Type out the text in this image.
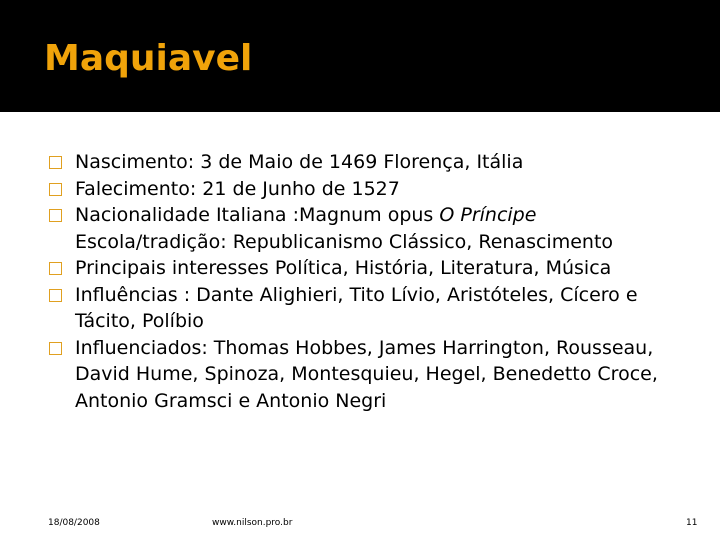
Maquiavel
Nascimento: 3 de Maio de 1469 Florença, Itália
Falecimento: 21 de Junho de 1527
Nacionalidade Italiana :Magnum opus O Príncipe
Escola/tradição: Republicanismo Clássico, Renascimento
Principais interesses Política, História, Literatura, Música
Influências : Dante Alighieri, Tito Lívio, Aristóteles, Cícero e Tácito, Políbio
Influenciados: Thomas Hobbes, James Harrington, Rousseau, David Hume, Spinoza, Montesquieu, Hegel, Benedetto Croce, Antonio Gramsci e Antonio Negri
18/08/2008	www.nilson.pro.br	11
